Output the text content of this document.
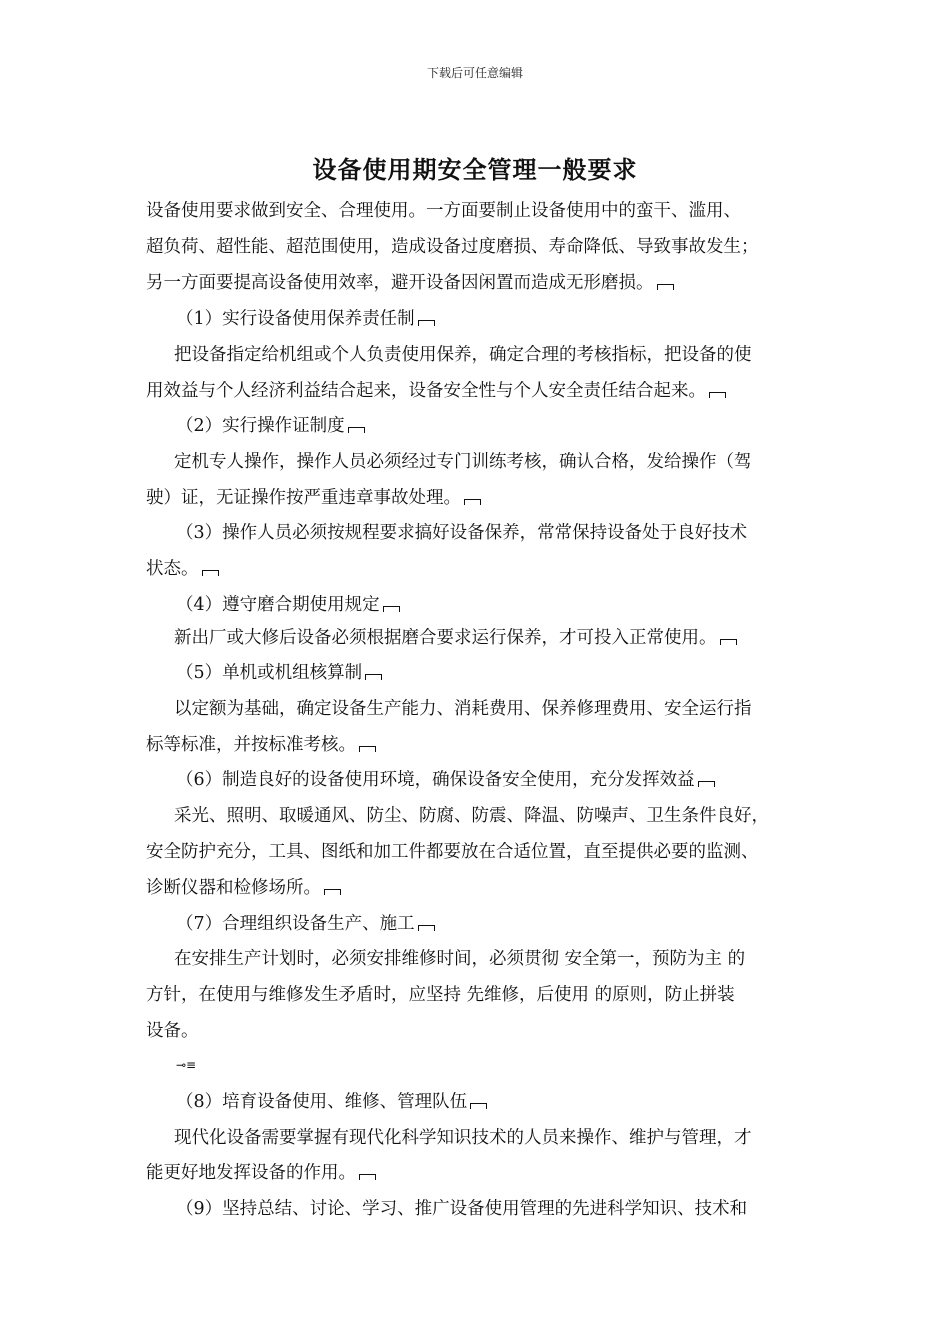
下载后可任意编辑
设备使用期安全管理一般要求
设备使用要求做到安全、合理使用。一方面要制止设备使用中的蛮干、滥用、
超负荷、超性能、超范围使用，造成设备过度磨损、寿命降低、导致事故发生；
另一方面要提高设备使用效率，避开设备因闲置而造成无形磨损。
（1）实行设备使用保养责任制
把设备指定给机组或个人负责使用保养，确定合理的考核指标，把设备的使
用效益与个人经济利益结合起来，设备安全性与个人安全责任结合起来。
（2）实行操作证制度
定机专人操作，操作人员必须经过专门训练考核，确认合格，发给操作（驾
驶）证，无证操作按严重违章事故处理。
（3）操作人员必须按规程要求搞好设备保养，常常保持设备处于良好技术
状态。
（4）遵守磨合期使用规定
新出厂或大修后设备必须根据磨合要求运行保养，才可投入正常使用。
（5）单机或机组核算制
以定额为基础，确定设备生产能力、消耗费用、保养修理费用、安全运行指
标等标准，并按标准考核。
（6）制造良好的设备使用环境，确保设备安全使用，充分发挥效益
采光、照明、取暖通风、防尘、防腐、防震、降温、防噪声、卫生条件良好，
安全防护充分，工具、图纸和加工件都要放在合适位置，直至提供必要的监测、
诊断仪器和检修场所。
（7）合理组织设备生产、施工
在安排生产计划时，必须安排维修时间，必须贯彻 安全第一，预防为主 的
方针，在使用与维修发生矛盾时，应坚持 先维修，后使用 的原则，防止拼装
设备。
⊸≡
（8）培育设备使用、维修、管理队伍
现代化设备需要掌握有现代化科学知识技术的人员来操作、维护与管理，才
能更好地发挥设备的作用。
（9）坚持总结、讨论、学习、推广设备使用管理的先进科学知识、技术和
